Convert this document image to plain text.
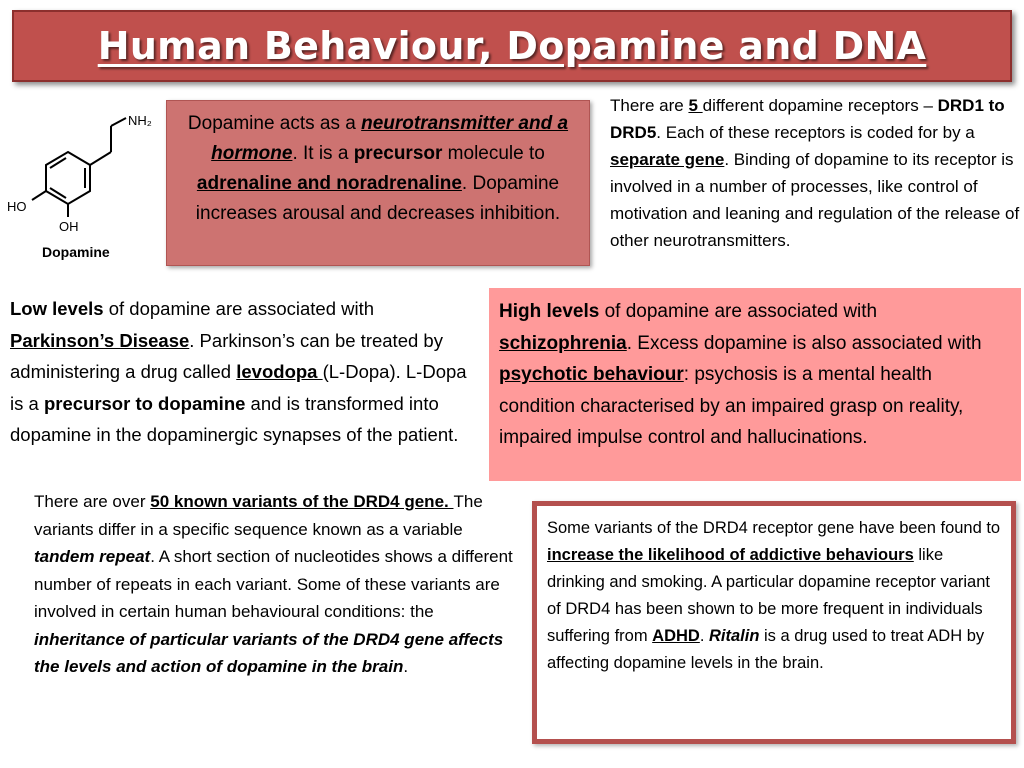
Human Behaviour, Dopamine and DNA
NH₂
HO
OH
Dopamine
Dopamine acts as a neurotransmitter and a hormone. It is a precursor molecule to adrenaline and noradrenaline. Dopamine increases arousal and decreases inhibition.
There are 5 different dopamine receptors – DRD1 to DRD5. Each of these receptors is coded for by a separate gene. Binding of dopamine to its receptor is involved in a number of processes, like control of motivation and leaning and regulation of the release of other neurotransmitters.
Low levels of dopamine are associated with Parkinson’s Disease. Parkinson’s can be treated by administering a drug called levodopa (L-Dopa). L-Dopa is a precursor to dopamine and is transformed into dopamine in the dopaminergic synapses of the patient.
High levels of dopamine are associated with schizophrenia. Excess dopamine is also associated with psychotic behaviour: psychosis is a mental health condition characterised by an impaired grasp on reality, impaired impulse control and hallucinations.
There are over 50 known variants of the DRD4 gene. The variants differ in a specific sequence known as a variable tandem repeat. A short section of nucleotides shows a different number of repeats in each variant. Some of these variants are involved in certain human behavioural conditions: the inheritance of particular variants of the DRD4 gene affects the levels and action of dopamine in the brain.
Some variants of the DRD4 receptor gene have been found to increase the likelihood of addictive behaviours like drinking and smoking. A particular dopamine receptor variant of DRD4 has been shown to be more frequent in individuals suffering from ADHD. Ritalin is a drug used to treat ADH by affecting dopamine levels in the brain.
